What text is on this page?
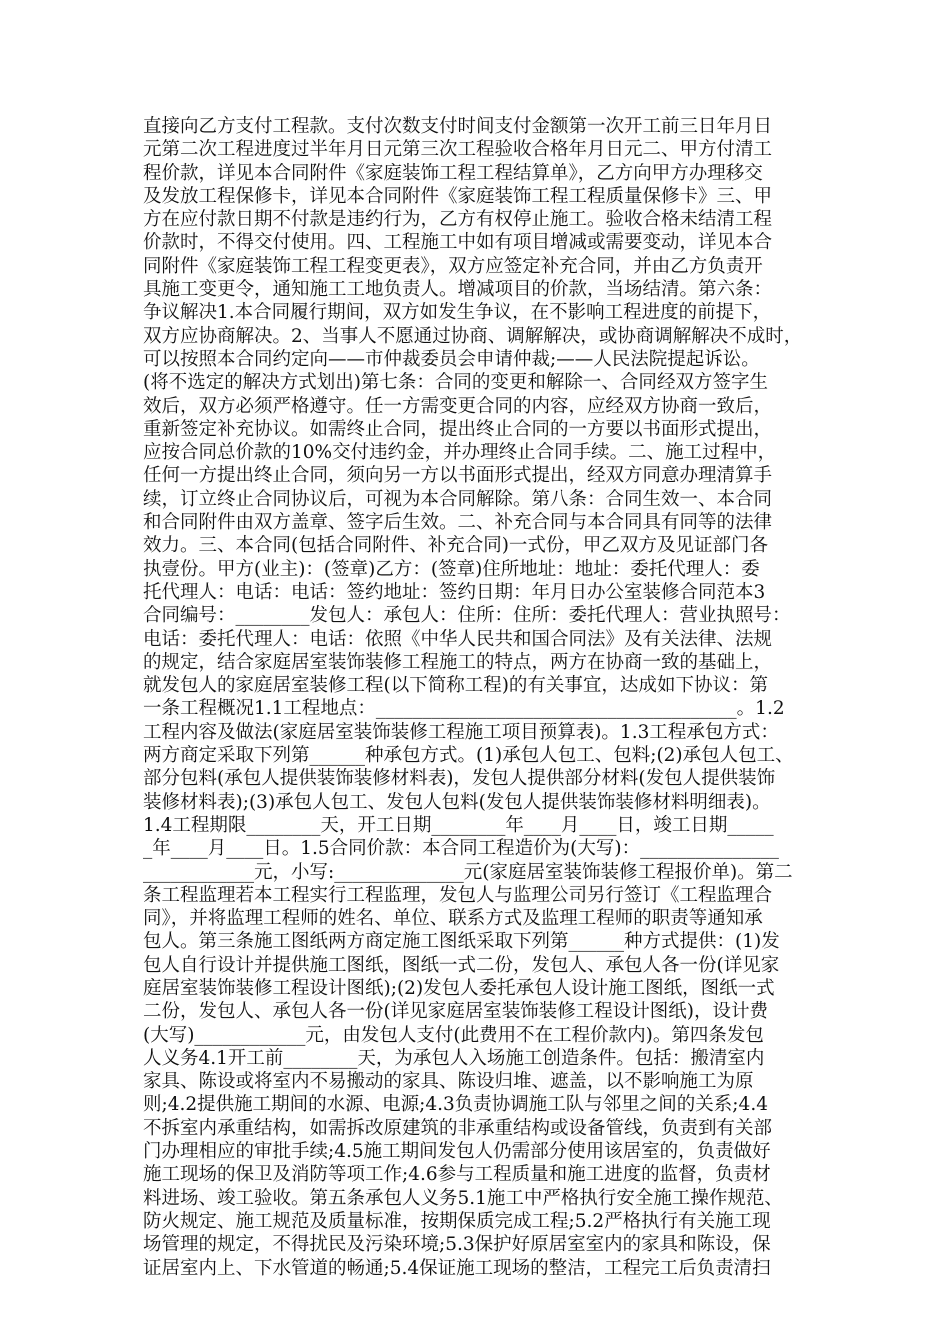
直接向乙方支付工程款。支付次数支付时间支付金额第一次开工前三日年月日
元第二次工程进度过半年月日元第三次工程验收合格年月日元二、甲方付清工
程价款，详见本合同附件《家庭装饰工程工程结算单》，乙方向甲方办理移交
及发放工程保修卡，详见本合同附件《家庭装饰工程工程质量保修卡》三、甲
方在应付款日期不付款是违约行为，乙方有权停止施工。验收合格未结清工程
价款时，不得交付使用。四、工程施工中如有项目增减或需要变动，详见本合
同附件《家庭装饰工程工程变更表》，双方应签定补充合同，并由乙方负责开
具施工变更令，通知施工工地负责人。增减项目的价款，当场结清。第六条：
争议解决1.本合同履行期间，双方如发生争议，在不影响工程进度的前提下，
双方应协商解决。2、当事人不愿通过协商、调解解决，或协商调解解决不成时，
可以按照本合同约定向——市仲裁委员会申请仲裁;——人民法院提起诉讼。
(将不选定的解决方式划出)第七条：合同的变更和解除一、合同经双方签字生
效后，双方必须严格遵守。任一方需变更合同的内容，应经双方协商一致后，
重新签定补充协议。如需终止合同，提出终止合同的一方要以书面形式提出，
应按合同总价款的10%交付违约金，并办理终止合同手续。二、施工过程中，
任何一方提出终止合同，须向另一方以书面形式提出，经双方同意办理清算手
续，订立终止合同协议后，可视为本合同解除。第八条：合同生效一、本合同
和合同附件由双方盖章、签字后生效。二、补充合同与本合同具有同等的法律
效力。三、本合同(包括合同附件、补充合同)一式份，甲乙双方及见证部门各
执壹份。甲方(业主)：(签章)乙方：(签章)住所地址：地址：委托代理人：委
托代理人：电话：电话：签约地址：签约日期：年月日办公室装修合同范本3
合同编号：________发包人：承包人：住所：住所：委托代理人：营业执照号：
电话：委托代理人：电话：依照《中华人民共和国合同法》及有关法律、法规
的规定，结合家庭居室装饰装修工程施工的特点，两方在协商一致的基础上，
就发包人的家庭居室装修工程(以下简称工程)的有关事宜，达成如下协议：第
一条工程概况1.1工程地点：_______________________________________。1.2
工程内容及做法(家庭居室装饰装修工程施工项目预算表)。1.3工程承包方式：
两方商定采取下列第______种承包方式。(1)承包人包工、包料;(2)承包人包工、
部分包料(承包人提供装饰装修材料表)，发包人提供部分材料(发包人提供装饰
装修材料表);(3)承包人包工、发包人包料(发包人提供装饰装修材料明细表)。
1.4工程期限________天，开工日期________年____月____日，竣工日期_____
_年____月____日。1.5合同价款：本合同工程造价为(大写)：_______________
____________元，小写:______________元(家庭居室装饰装修工程报价单)。第二
条工程监理若本工程实行工程监理，发包人与监理公司另行签订《工程监理合
同》，并将监理工程师的姓名、单位、联系方式及监理工程师的职责等通知承
包人。第三条施工图纸两方商定施工图纸采取下列第______种方式提供：(1)发
包人自行设计并提供施工图纸，图纸一式二份，发包人、承包人各一份(详见家
庭居室装饰装修工程设计图纸);(2)发包人委托承包人设计施工图纸，图纸一式
二份，发包人、承包人各一份(详见家庭居室装饰装修工程设计图纸)，设计费
(大写)____________元，由发包人支付(此费用不在工程价款内)。第四条发包
人义务4.1开工前________天，为承包人入场施工创造条件。包括：搬清室内
家具、陈设或将室内不易搬动的家具、陈设归堆、遮盖，以不影响施工为原
则;4.2提供施工期间的水源、电源;4.3负责协调施工队与邻里之间的关系;4.4
不拆室内承重结构，如需拆改原建筑的非承重结构或设备管线，负责到有关部
门办理相应的审批手续;4.5施工期间发包人仍需部分使用该居室的，负责做好
施工现场的保卫及消防等项工作;4.6参与工程质量和施工进度的监督，负责材
料进场、竣工验收。第五条承包人义务5.1施工中严格执行安全施工操作规范、
防火规定、施工规范及质量标准，按期保质完成工程;5.2严格执行有关施工现
场管理的规定，不得扰民及污染环境;5.3保护好原居室室内的家具和陈设，保
证居室内上、下水管道的畅通;5.4保证施工现场的整洁，工程完工后负责清扫
